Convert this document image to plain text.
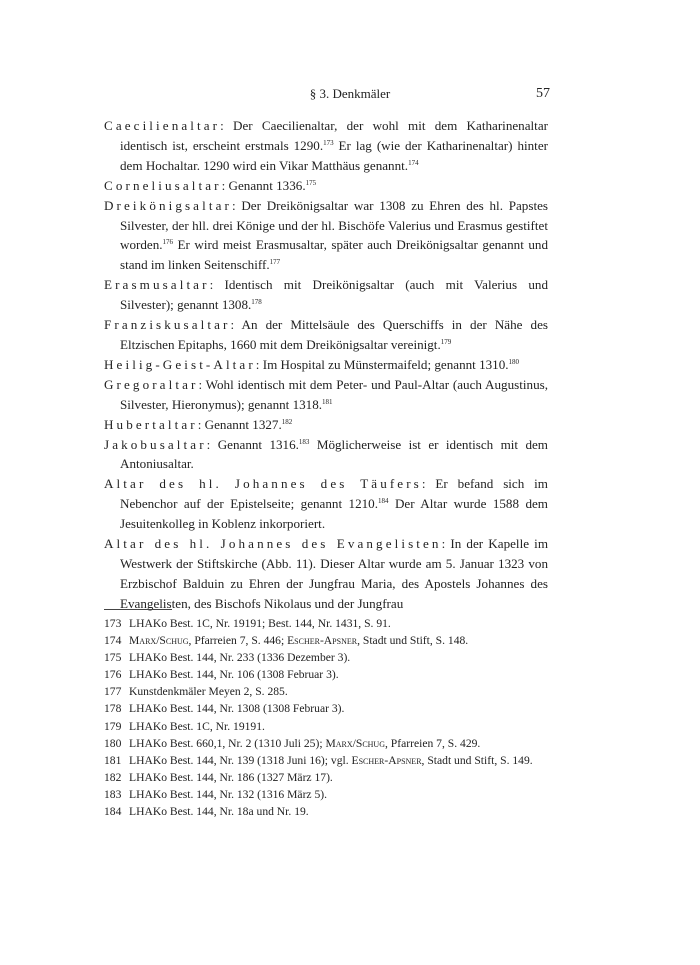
§ 3. Denkmäler	57

Caecilienaltar: Der Caecilienaltar, der wohl mit dem Katharinenaltar identisch ist, erscheint erstmals 1290.$^{173}$ Er lag (wie der Katharinenaltar) hinter dem Hochaltar. 1290 wird ein Vikar Matthäus genannt.$^{174}$

Corneliusaltar: Genannt 1336.$^{175}$

Dreikönigsaltar: Der Dreikönigsaltar war 1308 zu Ehren des hl. Papstes Silvester, der hll. drei Könige und der hl. Bischöfe Valerius und Erasmus gestiftet worden.$^{176}$ Er wird meist Erasmusaltar, später auch Dreikönigsaltar genannt und stand im linken Seitenschiff.$^{177}$

Erasmusaltar: Identisch mit Dreikönigsaltar (auch mit Valerius und Silvester); genannt 1308.$^{178}$

Franziskusaltar: An der Mittelsäule des Querschiffs in der Nähe des Eltzischen Epitaphs, 1660 mit dem Dreikönigsaltar vereinigt.$^{179}$

Heilig-Geist-Altar: Im Hospital zu Münstermaifeld; genannt 1310.$^{180}$

Gregoraltar: Wohl identisch mit dem Peter- und Paul-Altar (auch Augustinus, Silvester, Hieronymus); genannt 1318.$^{181}$

Hubertaltar: Genannt 1327.$^{182}$

Jakobusaltar: Genannt 1316.$^{183}$ Möglicherweise ist er identisch mit dem Antoniusaltar.

Altar des hl. Johannes des Täufers: Er befand sich im Nebenchor auf der Epistelseite; genannt 1210.$^{184}$ Der Altar wurde 1588 dem Jesuitenkolleg in Koblenz inkorporiert.

Altar des hl. Johannes des Evangelisten: In der Kapelle im Westwerk der Stiftskirche (Abb. 11). Dieser Altar wurde am 5. Januar 1323 von Erzbischof Balduin zu Ehren der Jungfrau Maria, des Apostels Johannes des Evangelisten, des Bischofs Nikolaus und der Jungfrau

173 LHAKo Best. 1C, Nr. 19191; Best. 144, Nr. 1431, S. 91.
174 Marx/Schug, Pfarreien 7, S. 446; Escher-Apsner, Stadt und Stift, S. 148.
175 LHAKo Best. 144, Nr. 233 (1336 Dezember 3).
176 LHAKo Best. 144, Nr. 106 (1308 Februar 3).
177 Kunstdenkmäler Meyen 2, S. 285.
178 LHAKo Best. 144, Nr. 1308 (1308 Februar 3).
179 LHAKo Best. 1C, Nr. 19191.
180 LHAKo Best. 660,1, Nr. 2 (1310 Juli 25); Marx/Schug, Pfarreien 7, S. 429.
181 LHAKo Best. 144, Nr. 139 (1318 Juni 16); vgl. Escher-Apsner, Stadt und Stift, S. 149.
182 LHAKo Best. 144, Nr. 186 (1327 März 17).
183 LHAKo Best. 144, Nr. 132 (1316 März 5).
184 LHAKo Best. 144, Nr. 18a und Nr. 19.
